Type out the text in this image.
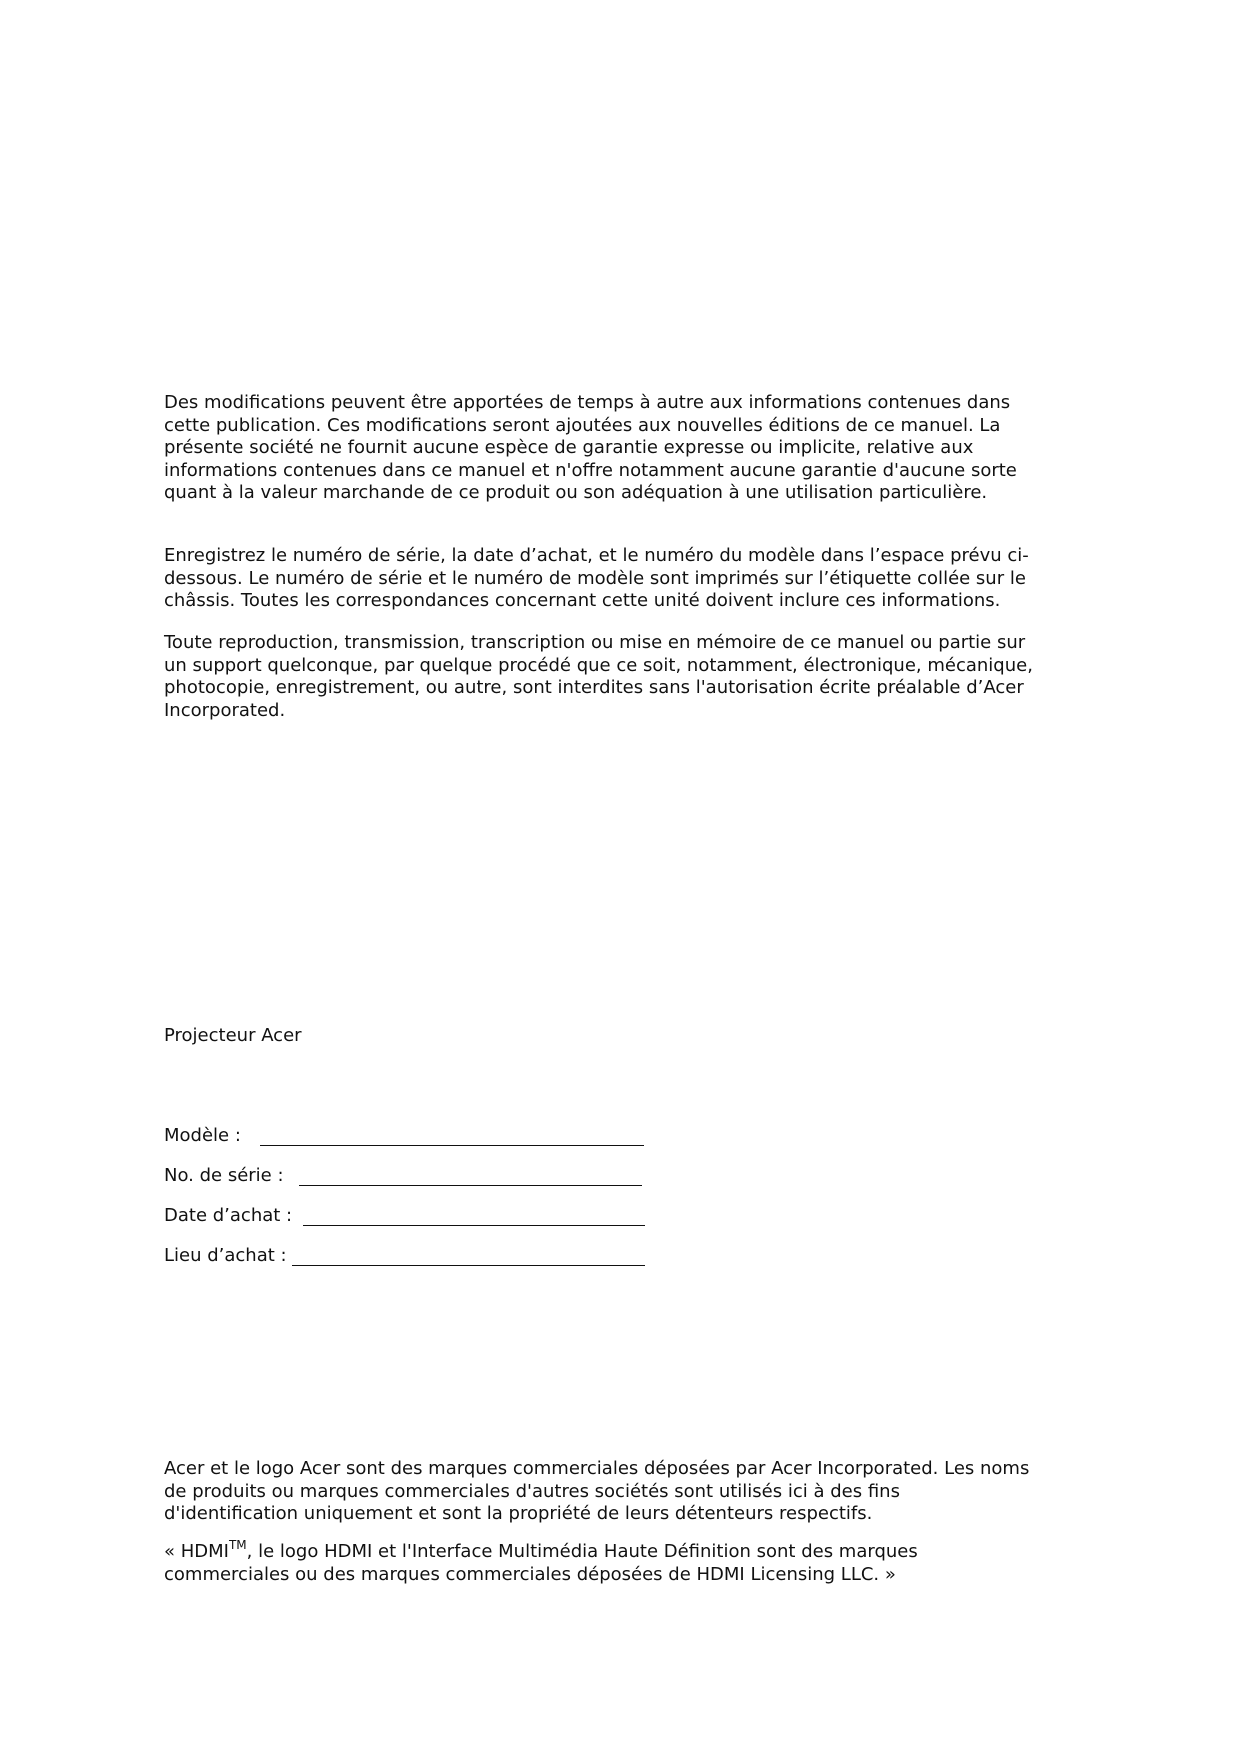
Des modifications peuvent être apportées de temps à autre aux informations contenues dans cette publication. Ces modifications seront ajoutées aux nouvelles éditions de ce manuel. La présente société ne fournit aucune espèce de garantie expresse ou implicite, relative aux informations contenues dans ce manuel et n'offre notamment aucune garantie d'aucune sorte quant à la valeur marchande de ce produit ou son adéquation à une utilisation particulière.

Enregistrez le numéro de série, la date d’achat, et le numéro du modèle dans l’espace prévu ci-dessous. Le numéro de série et le numéro de modèle sont imprimés sur l’étiquette collée sur le châssis. Toutes les correspondances concernant cette unité doivent inclure ces informations.

Toute reproduction, transmission, transcription ou mise en mémoire de ce manuel ou partie sur un support quelconque, par quelque procédé que ce soit, notamment, électronique, mécanique, photocopie, enregistrement, ou autre, sont interdites sans l'autorisation écrite préalable d’Acer Incorporated.

Projecteur Acer
Modèle :
No. de série :
Date d’achat :
Lieu d’achat :

Acer et le logo Acer sont des marques commerciales déposées par Acer Incorporated. Les noms de produits ou marques commerciales d'autres sociétés sont utilisés ici à des fins d'identification uniquement et sont la propriété de leurs détenteurs respectifs.

« HDMI™, le logo HDMI et l'Interface Multimédia Haute Définition sont des marques commerciales ou des marques commerciales déposées de HDMI Licensing LLC. »
